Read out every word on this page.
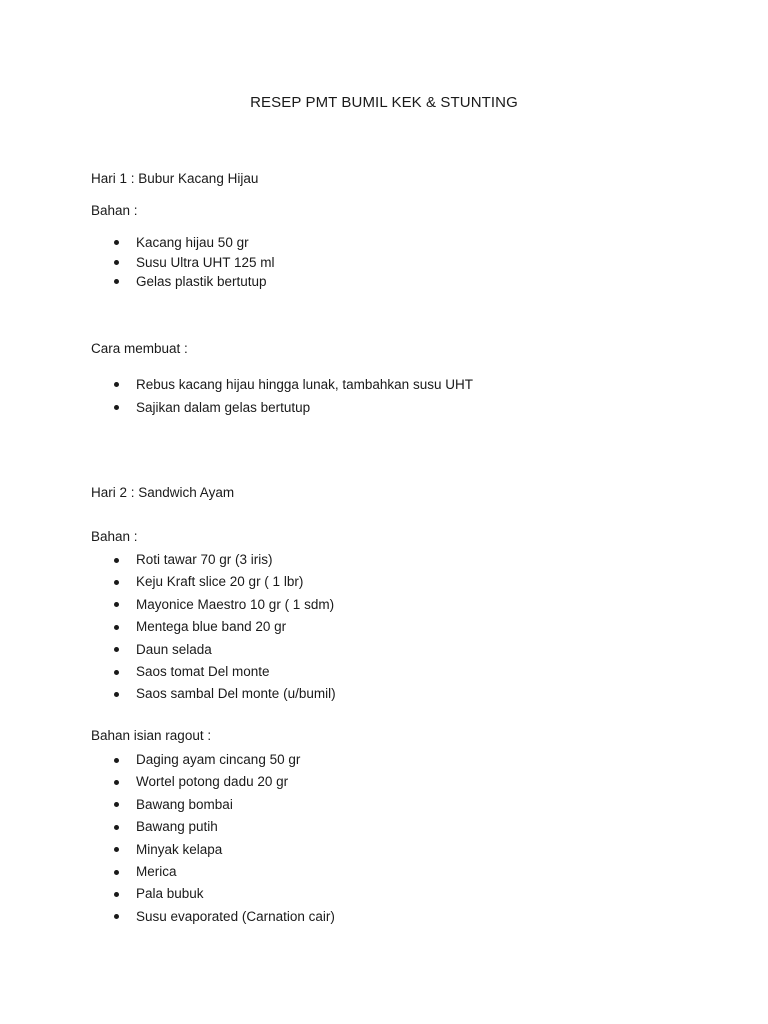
RESEP PMT BUMIL KEK & STUNTING
Hari 1 : Bubur Kacang Hijau
Bahan :
Kacang hijau 50 gr
Susu Ultra UHT 125 ml
Gelas plastik bertutup
Cara membuat :
Rebus kacang hijau hingga lunak, tambahkan susu UHT
Sajikan dalam gelas bertutup
Hari 2 : Sandwich Ayam
Bahan :
Roti tawar 70 gr (3 iris)
Keju Kraft slice 20 gr ( 1 lbr)
Mayonice Maestro 10 gr ( 1 sdm)
Mentega blue band 20 gr
Daun selada
Saos tomat Del monte
Saos sambal Del monte (u/bumil)
Bahan isian ragout :
Daging ayam cincang 50 gr
Wortel potong dadu 20 gr
Bawang bombai
Bawang putih
Minyak kelapa
Merica
Pala bubuk
Susu evaporated (Carnation cair)
